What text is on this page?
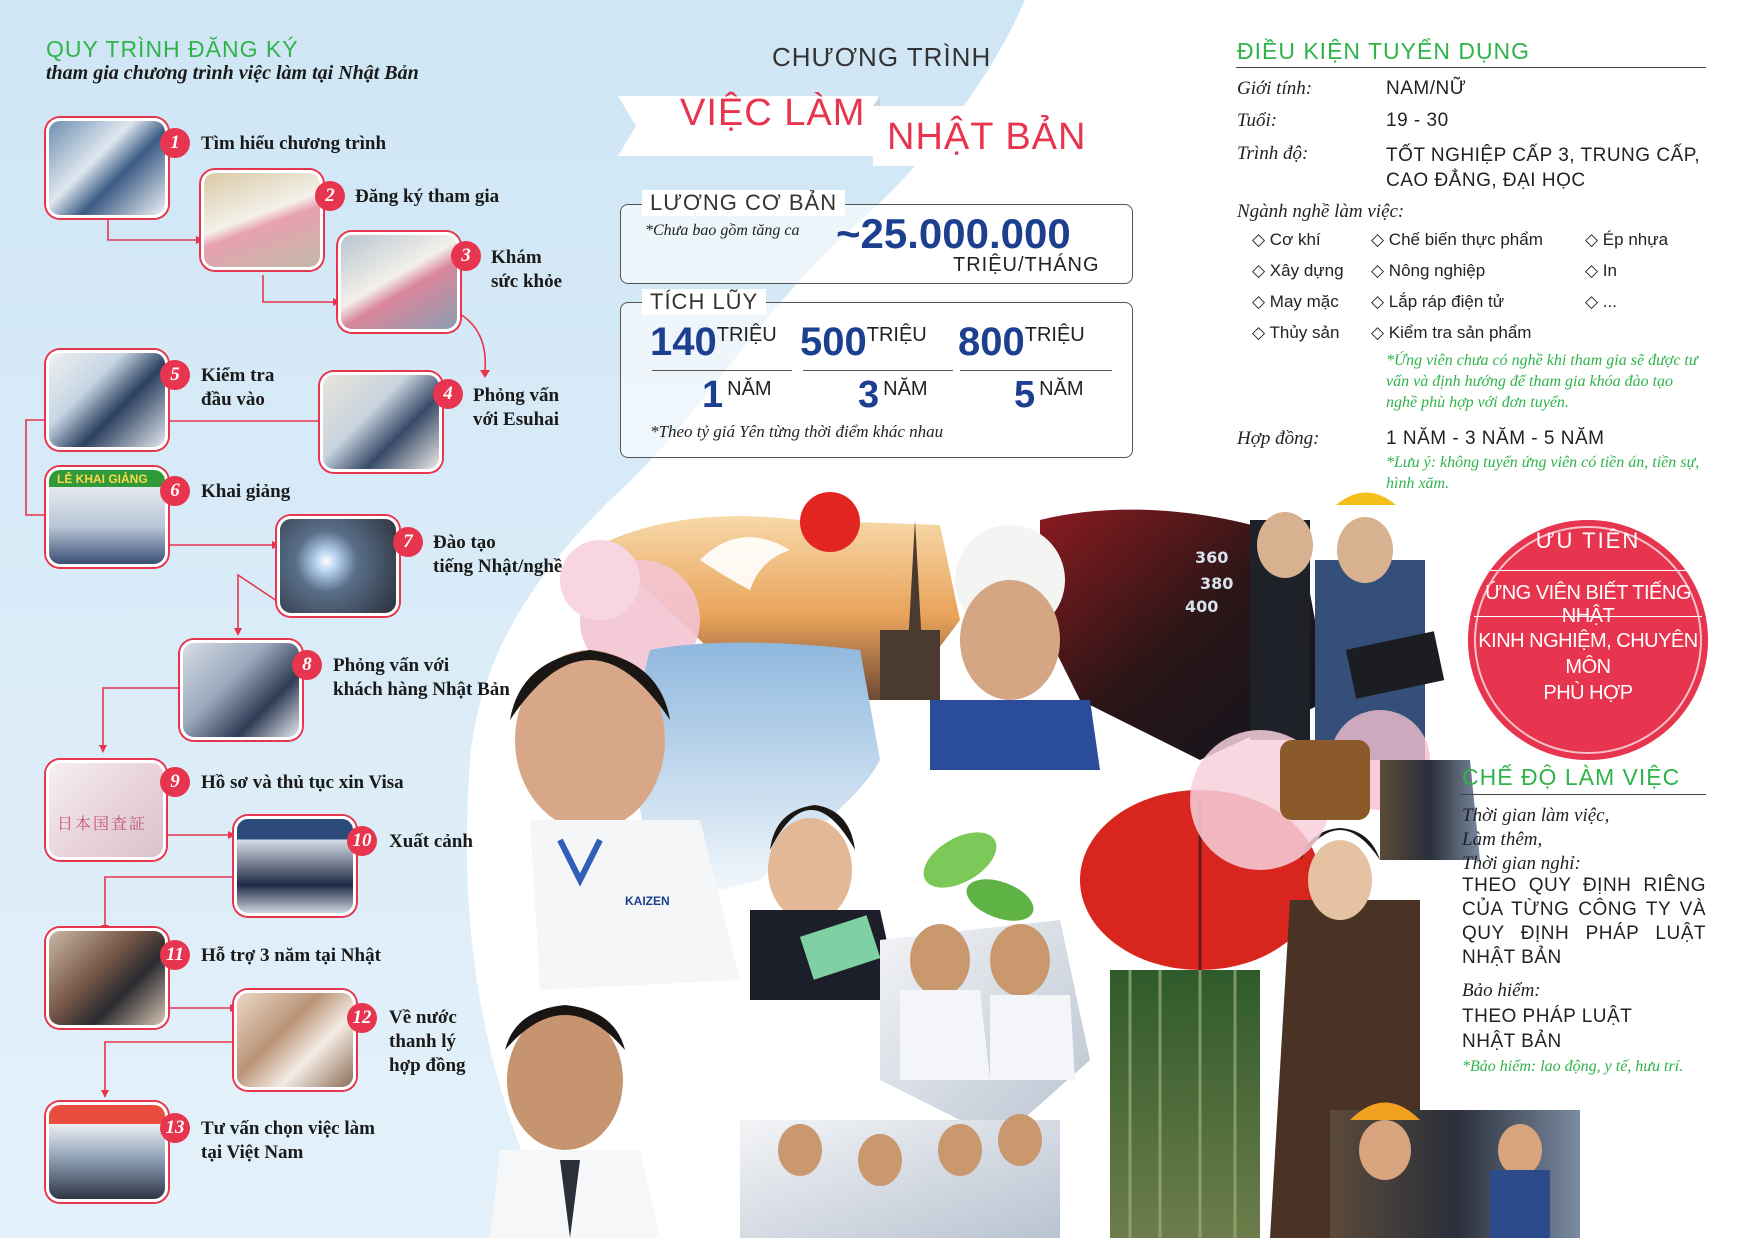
QUY TRÌNH ĐĂNG KÝ
tham gia chương trình việc làm tại Nhật Bản
LỄ KHAI GIẢNG
日本国査証
1
2
3
4
5
6
7
8
9
10
11
12
13
Tìm hiểu chương trình
Đăng ký tham gia
Khám
sức khỏe
Phỏng vấn
với Esuhai
Kiểm tra
đầu vào
Khai giảng
Đào tạo
tiếng Nhật/nghề
Phỏng vấn với
khách hàng Nhật Bản
Hồ sơ và thủ tục xin Visa
Xuất cảnh
Hỗ trợ 3 năm tại Nhật
Về nước
thanh lý
hợp đồng
Tư vấn chọn việc làm
tại Việt Nam
CHƯƠNG TRÌNH
VIỆC LÀM
NHẬT BẢN
LƯƠNG CƠ BẢN
*Chưa bao gồm tăng ca ~25.000.000
TRIỆU/THÁNG
TÍCH LŨY
140TRIỆU
1 NĂM
500TRIỆU
3 NĂM
800TRIỆU
5 NĂM
*Theo tỷ giá Yên từng thời điểm khác nhau
360
380
400
KAIZEN
ĐIỀU KIỆN TUYỂN DỤNG
Giới tính:	NAM/NỮ
Tuổi:	19 - 30
Trình độ:	TỐT NGHIỆP CẤP 3, TRUNG CẤP,
CAO ĐẲNG, ĐẠI HỌC
Ngành nghề làm việc:
◇ Cơ khí	◇ Chế biến thực phẩm ◇ Ép nhựa
◇ Xây dựng ◇ Nông nghiệp	◇ In
◇ May mặc ◇ Lắp ráp điện tử	◇ ...
◇ Thủy sản ◇ Kiểm tra sản phẩm
*Ứng viên chưa có nghề khi tham gia sẽ được tư vấn và định hướng để tham gia khóa đào tạo nghề phù hợp với đơn tuyển.
Hợp đồng:	1 NĂM - 3 NĂM - 5 NĂM
*Lưu ý: không tuyển ứng viên có tiền án, tiền sự, hình xăm.
ƯU TIÊN
ỨNG VIÊN BIẾT TIẾNG NHẬT
KINH NGHIỆM, CHUYÊN MÔN
PHÙ HỢP
CHẾ ĐỘ LÀM VIỆC
Thời gian làm việc,
Làm thêm,
Thời gian nghỉ:
THEO QUY ĐỊNH RIÊNG CỦA TỪNG CÔNG TY VÀ QUY ĐỊNH PHÁP LUẬT NHẬT BẢN
Bảo hiểm:
THEO PHÁP LUẬT
NHẬT BẢN
*Bảo hiểm: lao động, y tế, hưu trí.
